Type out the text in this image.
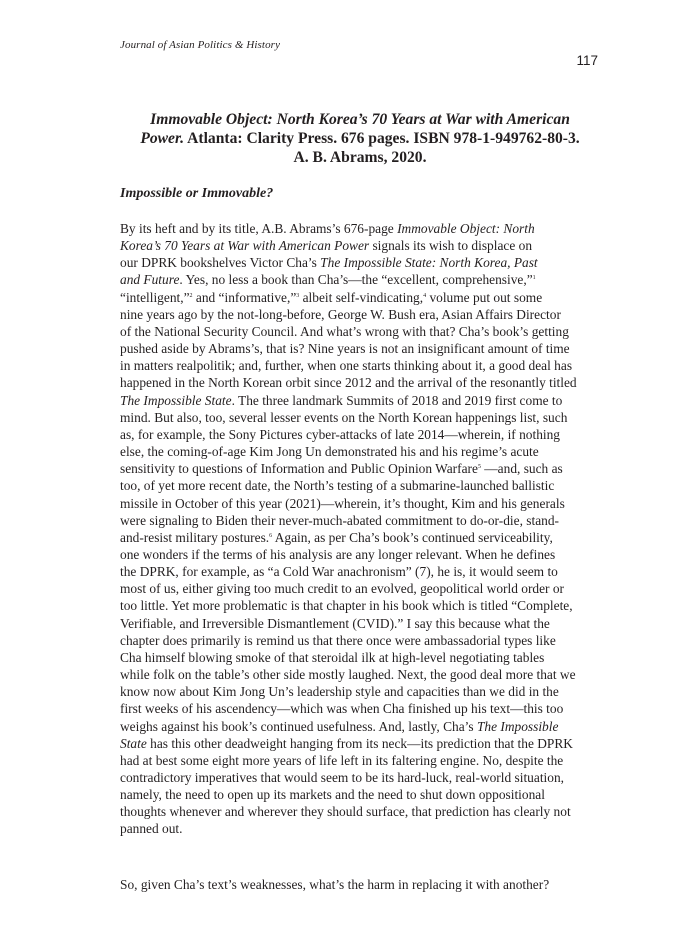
Journal of Asian Politics & History
117
Immovable Object: North Korea’s 70 Years at War with American
Power. Atlanta: Clarity Press. 676 pages. ISBN 978-1-949762-80-3.
A. B. Abrams, 2020.
Impossible or Immovable?

By its heft and by its title, A.B. Abrams’s 676-page Immovable Object: North
Korea’s 70 Years at War with American Power signals its wish to displace on
our DPRK bookshelves Victor Cha’s The Impossible State: North Korea, Past
and Future. Yes, no less a book than Cha’s—the “excellent, comprehensive,”$^1$
“intelligent,”$^2$ and “informative,”$^3$ albeit self-vindicating,$^4$ volume put out some
nine years ago by the not-long-before, George W. Bush era, Asian Affairs Director
of the National Security Council. And what’s wrong with that? Cha’s book’s getting
pushed aside by Abrams’s, that is? Nine years is not an insignificant amount of time
in matters realpolitik; and, further, when one starts thinking about it, a good deal has
happened in the North Korean orbit since 2012 and the arrival of the resonantly titled
The Impossible State. The three landmark Summits of 2018 and 2019 first come to
mind. But also, too, several lesser events on the North Korean happenings list, such
as, for example, the Sony Pictures cyber-attacks of late 2014—wherein, if nothing
else, the coming-of-age Kim Jong Un demonstrated his and his regime’s acute
sensitivity to questions of Information and Public Opinion Warfare$^5$ —and, such as
too, of yet more recent date, the North’s testing of a submarine-launched ballistic
missile in October of this year (2021)—wherein, it’s thought, Kim and his generals
were signaling to Biden their never-much-abated commitment to do-or-die, stand-
and-resist military postures.$^6$ Again, as per Cha’s book’s continued serviceability,
one wonders if the terms of his analysis are any longer relevant. When he defines
the DPRK, for example, as “a Cold War anachronism” (7), he is, it would seem to
most of us, either giving too much credit to an evolved, geopolitical world order or
too little. Yet more problematic is that chapter in his book which is titled “Complete,
Verifiable, and Irreversible Dismantlement (CVID).” I say this because what the
chapter does primarily is remind us that there once were ambassadorial types like
Cha himself blowing smoke of that steroidal ilk at high-level negotiating tables
while folk on the table’s other side mostly laughed. Next, the good deal more that we
know now about Kim Jong Un’s leadership style and capacities than we did in the
first weeks of his ascendency—which was when Cha finished up his text—this too
weighs against his book’s continued usefulness. And, lastly, Cha’s The Impossible
State has this other deadweight hanging from its neck—its prediction that the DPRK
had at best some eight more years of life left in its faltering engine. No, despite the
contradictory imperatives that would seem to be its hard-luck, real-world situation,
namely, the need to open up its markets and the need to shut down oppositional
thoughts whenever and wherever they should surface, that prediction has clearly not
panned out.

So, given Cha’s text’s weaknesses, what’s the harm in replacing it with another?
